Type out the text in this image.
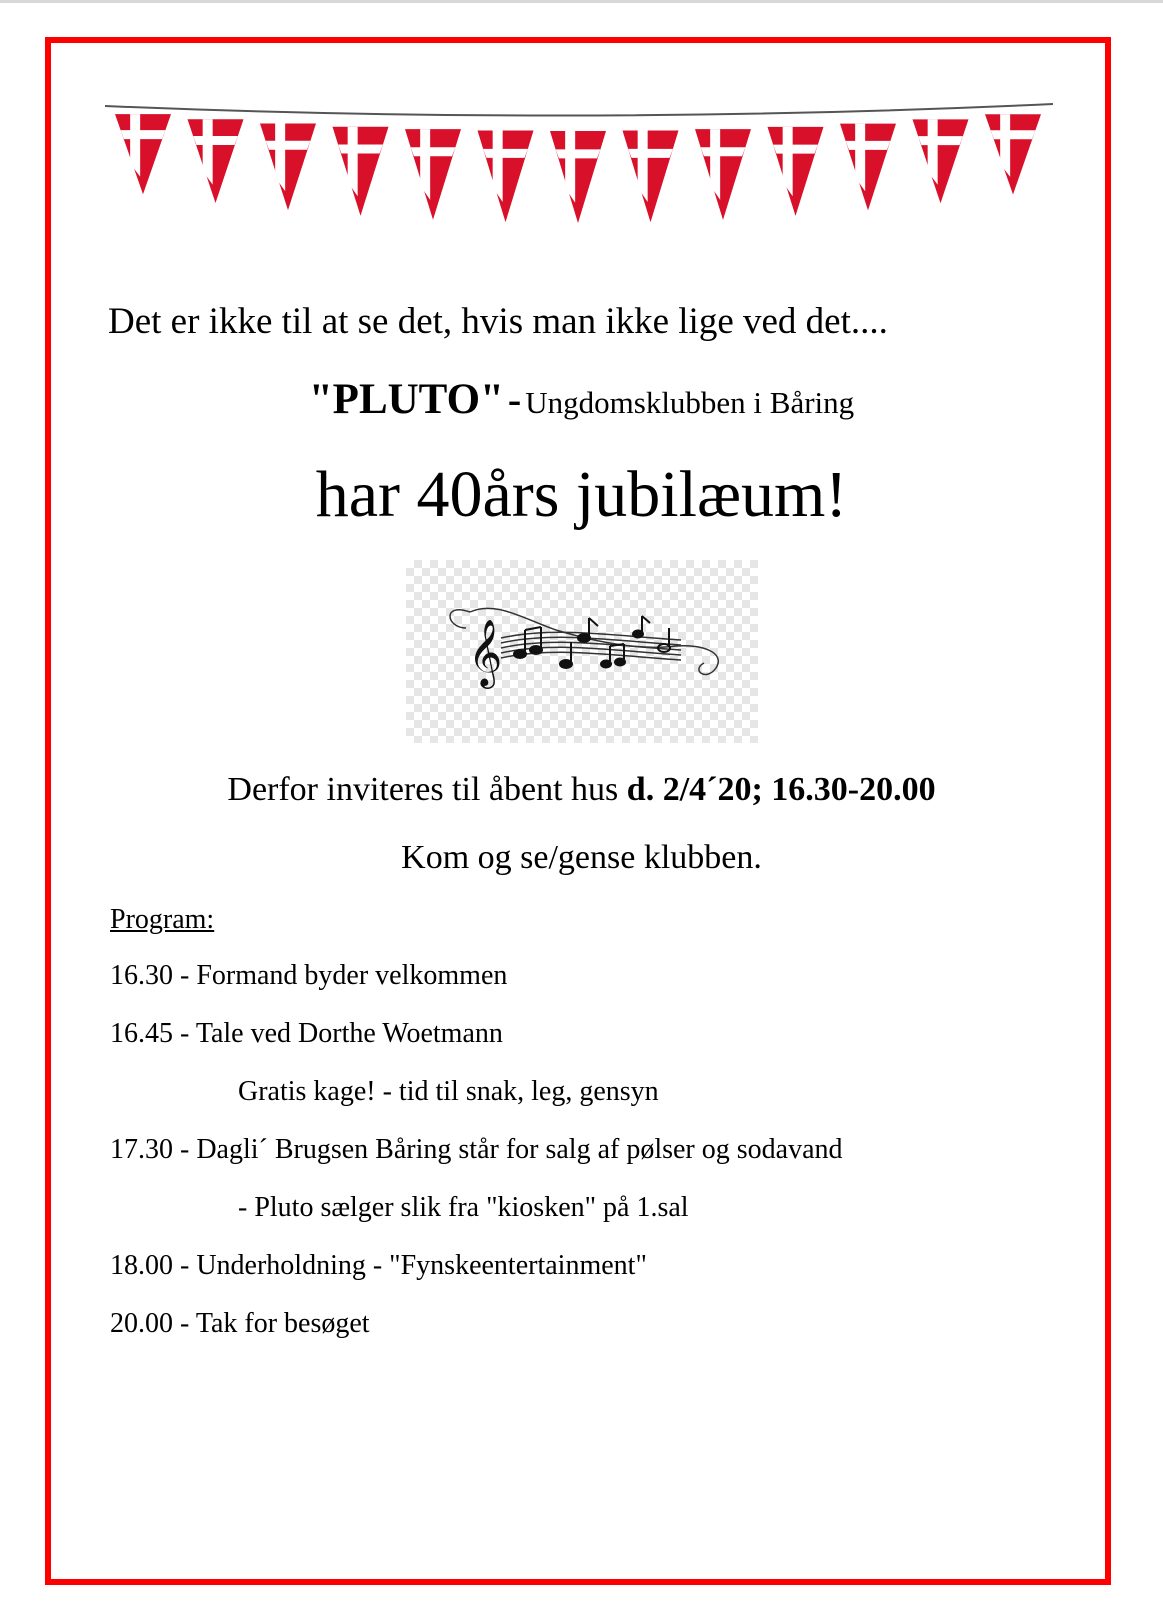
Det er ikke til at se det, hvis man ikke lige ved det....
"PLUTO" - Ungdomsklubben i Båring
har 40års jubilæum!
𝄞
Derfor inviteres til åbent hus d. 2/4´20; 16.30-20.00
Kom og se/gense klubben.
Program:
16.30 - Formand byder velkommen
16.45 - Tale ved Dorthe Woetmann
Gratis kage! - tid til snak, leg, gensyn
17.30 - Dagli´ Brugsen Båring står for salg af pølser og sodavand
- Pluto sælger slik fra "kiosken" på 1.sal
18.00 - Underholdning - "Fynskeentertainment"
20.00 - Tak for besøget
